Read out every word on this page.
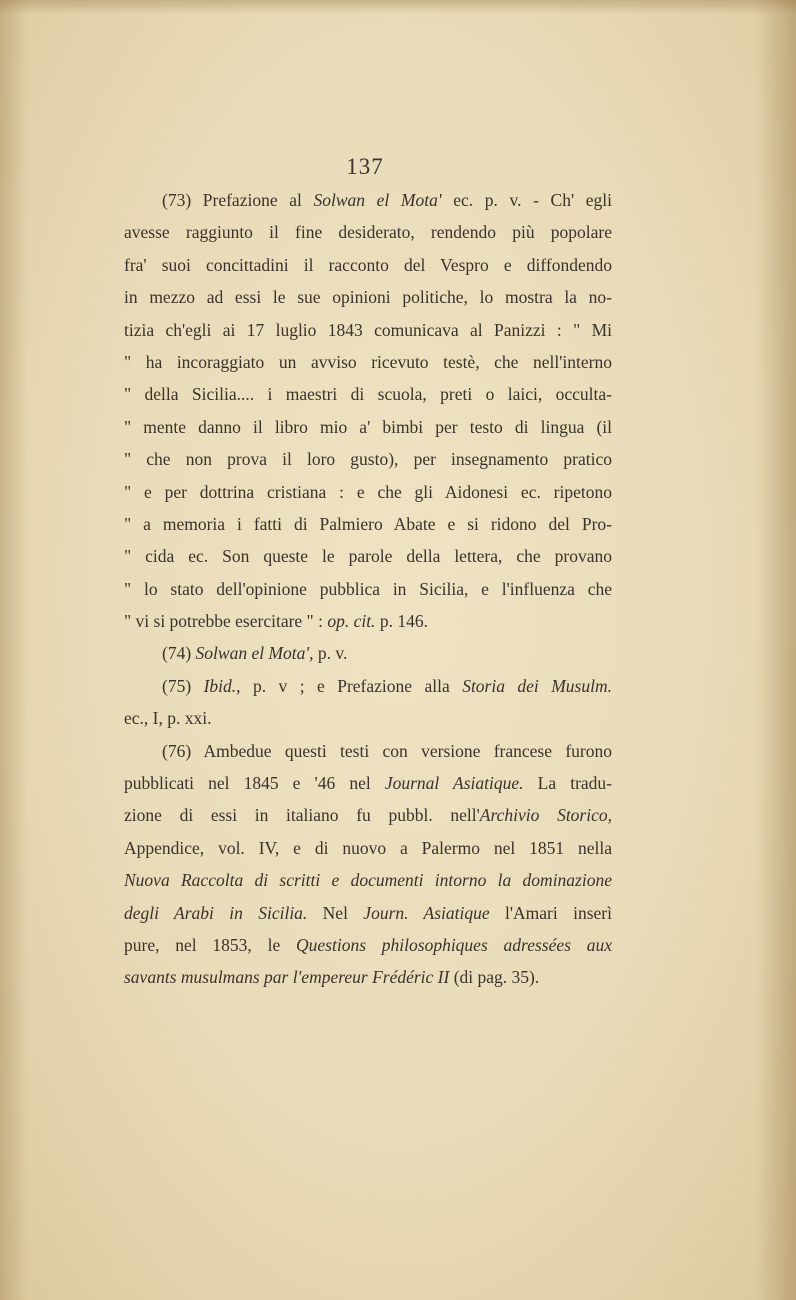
137
(73) Prefazione al Solwan el Mota' ec. p. v. - Ch' egli
avesse raggiunto il fine desiderato, rendendo più popolare
fra' suoi concittadini il racconto del Vespro e diffondendo
in mezzo ad essi le sue opinioni politiche, lo mostra la no-
tizia ch'egli ai 17 luglio 1843 comunicava al Panizzi : " Mi
" ha incoraggiato un avviso ricevuto testè, che nell'interno
" della Sicilia.... i maestri di scuola, preti o laici, occulta-
" mente danno il libro mio a' bimbi per testo di lingua (il
" che non prova il loro gusto), per insegnamento pratico
" e per dottrina cristiana : e che gli Aidonesi ec. ripetono
" a memoria i fatti di Palmiero Abate e si ridono del Pro-
" cida ec. Son queste le parole della lettera, che provano
" lo stato dell'opinione pubblica in Sicilia, e l'influenza che
" vi si potrebbe esercitare " : op. cit. p. 146.
(74) Solwan el Mota', p. v.
(75) Ibid., p. v ; e Prefazione alla Storia dei Musulm.
ec., I, p. xxi.
(76) Ambedue questi testi con versione francese furono
pubblicati nel 1845 e '46 nel Journal Asiatique. La tradu-
zione di essi in italiano fu pubbl. nell'Archivio Storico,
Appendice, vol. IV, e di nuovo a Palermo nel 1851 nella
Nuova Raccolta di scritti e documenti intorno la dominazione
degli Arabi in Sicilia. Nel Journ. Asiatique l'Amari inserì
pure, nel 1853, le Questions philosophiques adressées aux
savants musulmans par l'empereur Frédéric II (di pag. 35).
